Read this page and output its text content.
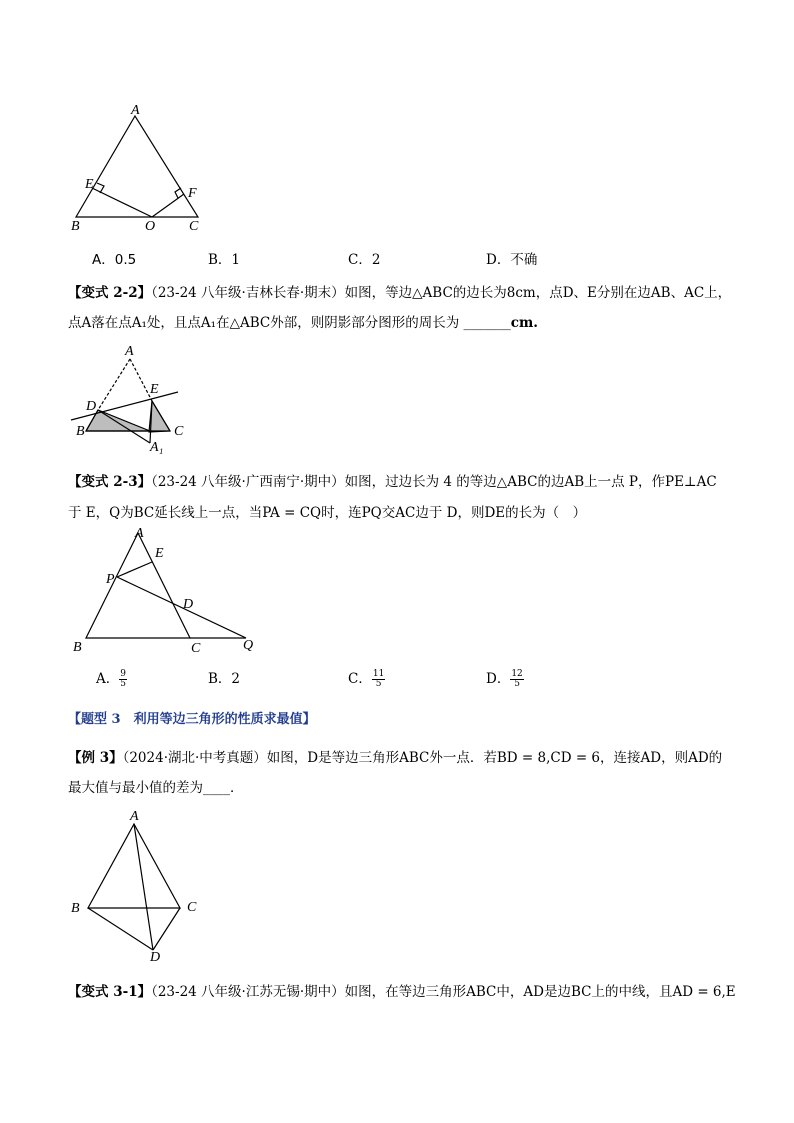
A
E
F
B	O C
A．0.5	B．1	C．2	D．不确
【变式 2-2】（23-24 八年级·吉林长春·期末）如图，等边△ABC的边长为8cm，点D、E分别在边AB、AC上，
点A落在点A₁处，且点A₁在△ABC外部，则阴影部分图形的周长为 _______cm.
A
E
D
B	C
A₁
【变式 2-3】（23-24 八年级·广西南宁·期中）如图，过边长为 4 的等边△ABC的边AB上一点 P，作PE⊥AC
于 E，Q为BC延长线上一点，当PA = CQ时，连PQ交AC边于 D，则DE的长为（　）
A
E
P
D
B	C	Q
A． $\frac{9}{5}$	B．2	C． $\frac{11}{5}$	D． $\frac{12}{5}$
【题型 3　利用等边三角形的性质求最值】
【例 3】（2024·湖北·中考真题）如图，D是等边三角形ABC外一点．若BD = 8,CD = 6，连接AD，则AD的
最大值与最小值的差为____．
A
B	C
D
【变式 3-1】（23-24 八年级·江苏无锡·期中）如图，在等边三角形ABC中，AD是边BC上的中线，且AD = 6,E
